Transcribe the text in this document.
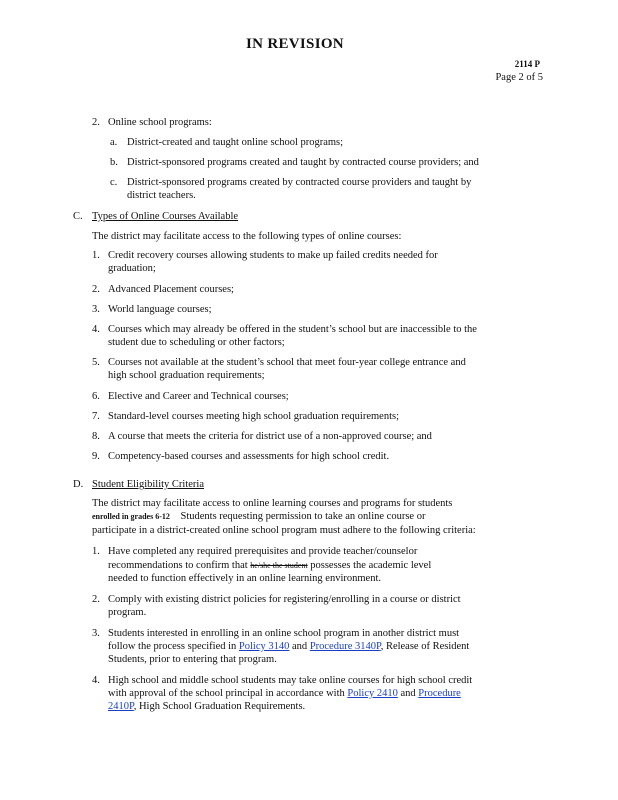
IN REVISION
2114 P
Page 2 of 5
2. Online school programs:
a. District-created and taught online school programs;
b. District-sponsored programs created and taught by contracted course providers; and
c. District-sponsored programs created by contracted course providers and taught by
district teachers.
C. Types of Online Courses Available
The district may facilitate access to the following types of online courses:
1. Credit recovery courses allowing students to make up failed credits needed for
graduation;
2. Advanced Placement courses;
3. World language courses;
4. Courses which may already be offered in the student’s school but are inaccessible to the
student due to scheduling or other factors;
5. Courses not available at the student’s school that meet four-year college entrance and
high school graduation requirements;
6. Elective and Career and Technical courses;
7. Standard-level courses meeting high school graduation requirements;
8. A course that meets the criteria for district use of a non-approved course; and
9. Competency-based courses and assessments for high school credit.
D. Student Eligibility Criteria
The district may facilitate access to online learning courses and programs for students
enrolled in grades 6-12 Students requesting permission to take an online course or
participate in a district-created online school program must adhere to the following criteria:
1. Have completed any required prerequisites and provide teacher/counselor
recommendations to confirm that he/she the student possesses the academic level
needed to function effectively in an online learning environment.
2. Comply with existing district policies for registering/enrolling in a course or district
program.
3. Students interested in enrolling in an online school program in another district must
follow the process specified in Policy 3140 and Procedure 3140P, Release of Resident
Students, prior to entering that program.
4. High school and middle school students may take online courses for high school credit
with approval of the school principal in accordance with Policy 2410 and Procedure
2410P, High School Graduation Requirements.
